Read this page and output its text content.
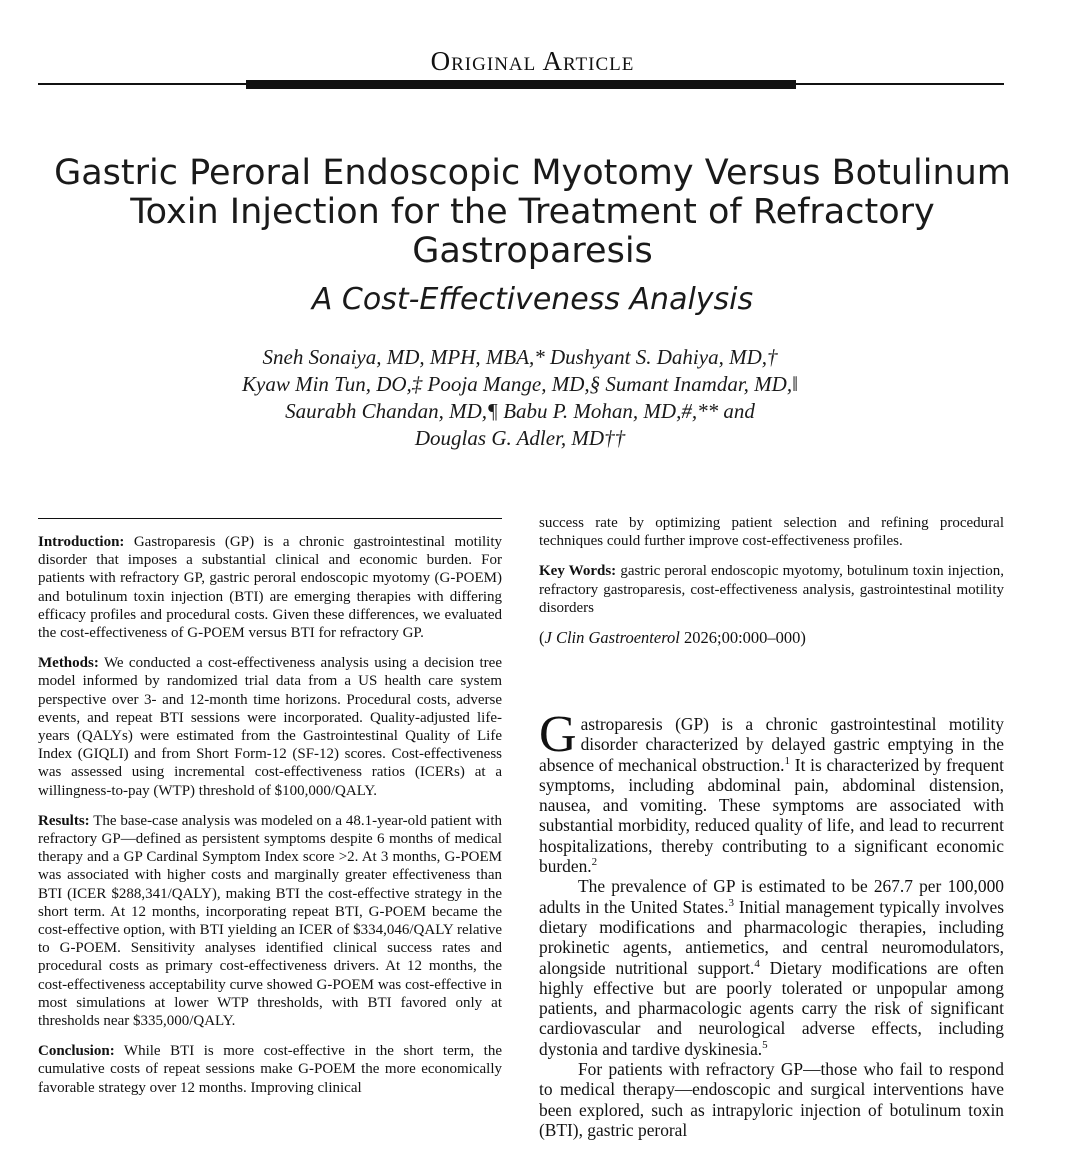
Original Article
Gastric Peroral Endoscopic Myotomy Versus Botulinum
Toxin Injection for the Treatment of Refractory
Gastroparesis
A Cost-Effectiveness Analysis
Sneh Sonaiya, MD, MPH, MBA,* Dushyant S. Dahiya, MD,†
Kyaw Min Tun, DO,‡ Pooja Mange, MD,§ Sumant Inamdar, MD,‖
Saurabh Chandan, MD,¶ Babu P. Mohan, MD,#,** and
Douglas G. Adler, MD††

Introduction: Gastroparesis (GP) is a chronic gastrointestinal motility disorder that imposes a substantial clinical and economic burden. For patients with refractory GP, gastric peroral endoscopic myotomy (G-POEM) and botulinum toxin injection (BTI) are emerging therapies with differing efficacy profiles and procedural costs. Given these differences, we evaluated the cost-effectiveness of G-POEM versus BTI for refractory GP.

Methods: We conducted a cost-effectiveness analysis using a decision tree model informed by randomized trial data from a US health care system perspective over 3- and 12-month time horizons. Procedural costs, adverse events, and repeat BTI sessions were incorporated. Quality-adjusted life-years (QALYs) were estimated from the Gastrointestinal Quality of Life Index (GIQLI) and from Short Form-12 (SF-12) scores. Cost-effectiveness was assessed using incremental cost-effectiveness ratios (ICERs) at a willingness-to-pay (WTP) threshold of $100,000/QALY.

Results: The base-case analysis was modeled on a 48.1-year-old patient with refractory GP—defined as persistent symptoms despite 6 months of medical therapy and a GP Cardinal Symptom Index score >2. At 3 months, G-POEM was associated with higher costs and marginally greater effectiveness than BTI (ICER $288,341/QALY), making BTI the cost-effective strategy in the short term. At 12 months, incorporating repeat BTI, G-POEM became the cost-effective option, with BTI yielding an ICER of $334,046/QALY relative to G-POEM. Sensitivity analyses identified clinical success rates and procedural costs as primary cost-effectiveness drivers. At 12 months, the cost-effectiveness acceptability curve showed G-POEM was cost-effective in most simulations at lower WTP thresholds, with BTI favored only at thresholds near $335,000/QALY.

Conclusion: While BTI is more cost-effective in the short term, the cumulative costs of repeat sessions make G-POEM the more economically favorable strategy over 12 months. Improving clinical

success rate by optimizing patient selection and refining procedural techniques could further improve cost-effectiveness profiles.

Key Words: gastric peroral endoscopic myotomy, botulinum toxin injection, refractory gastroparesis, cost-effectiveness analysis, gastrointestinal motility disorders

(J Clin Gastroenterol 2026;00:000–000)

Gastroparesis (GP) is a chronic gastrointestinal motility disorder characterized by delayed gastric emptying in the absence of mechanical obstruction.$^1$ It is characterized by frequent symptoms, including abdominal pain, abdominal distension, nausea, and vomiting. These symptoms are associated with substantial morbidity, reduced quality of life, and lead to recurrent hospitalizations, thereby contributing to a significant economic burden.$^2$

The prevalence of GP is estimated to be 267.7 per 100,000 adults in the United States.$^3$ Initial management typically involves dietary modifications and pharmacologic therapies, including prokinetic agents, antiemetics, and central neuromodulators, alongside nutritional support.$^4$ Dietary modifications are often highly effective but are poorly tolerated or unpopular among patients, and pharmacologic agents carry the risk of significant cardiovascular and neurological adverse effects, including dystonia and tardive dyskinesia.$^5$

For patients with refractory GP—those who fail to respond to medical therapy—endoscopic and surgical interventions have been explored, such as intrapyloric injection of botulinum toxin (BTI), gastric peroral
